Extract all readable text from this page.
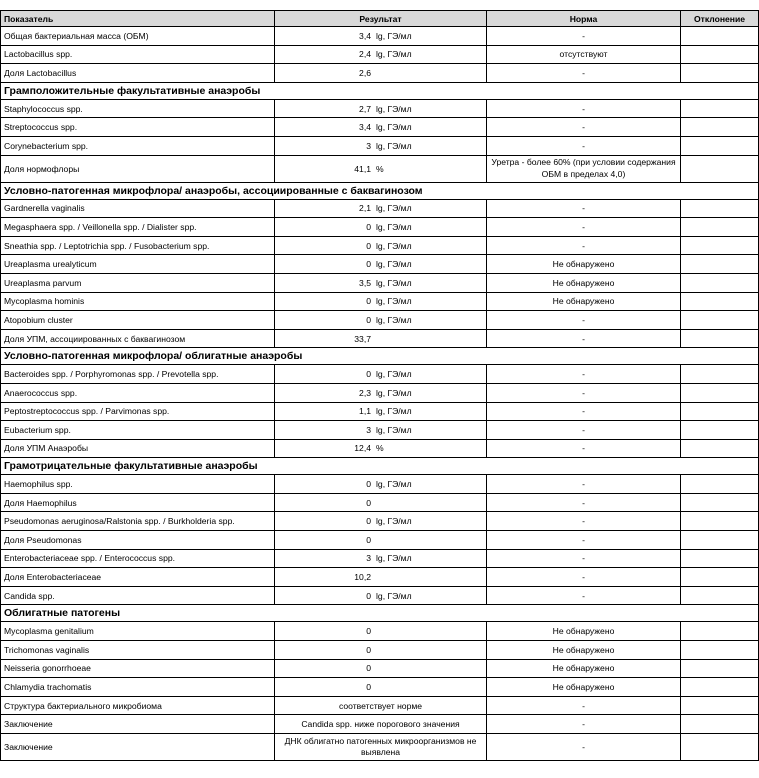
Показатель	Результат	Норма	Отклонение
Общая бактериальная масса (ОБМ)	3,4 lg, ГЭ/мл	-	
Lactobacillus spp.	2,4 lg, ГЭ/мл	отсутствуют	
Доля Lactobacillus	2,6	-	
Грамположительные факультативные анаэробы			
Staphylococcus spp.	2,7 lg, ГЭ/мл	-	
Streptococcus spp.	3,4 lg, ГЭ/мл	-	
Corynebacterium spp.	3 lg, ГЭ/мл	-	
Доля нормофлоры	41,1 %	Уретра - более 60% (при условии содержания ОБМ в пределах 4,0)	
Условно-патогенная микрофлора/ анаэробы, ассоциированные с баквагинозом			
Gardnerella vaginalis	2,1 lg, ГЭ/мл	-	
Megasphaera spp. / Veillonella spp. / Dialister spp.	0 lg, ГЭ/мл	-	
Sneathia spp. / Leptotrichia spp. / Fusobacterium spp.	0 lg, ГЭ/мл	-	
Ureaplasma urealyticum	0 lg, ГЭ/мл	Не обнаружено	
Ureaplasma parvum	3,5 lg, ГЭ/мл	Не обнаружено	
Mycoplasma hominis	0 lg, ГЭ/мл	Не обнаружено	
Atopobium cluster	0 lg, ГЭ/мл	-	
Доля УПМ, ассоциированных с баквагинозом	33,7	-	
Условно-патогенная микрофлора/ облигатные анаэробы			
Bacteroides spp. / Porphyromonas spp. / Prevotella spp.	0 lg, ГЭ/мл	-	
Anaerococcus spp.	2,3 lg, ГЭ/мл	-	
Peptostreptococcus spp. / Parvimonas spp.	1,1 lg, ГЭ/мл	-	
Eubacterium spp.	3 lg, ГЭ/мл	-	
Доля УПМ Анаэробы	12,4 %	-	
Грамотрицательные факультативные анаэробы			
Haemophilus spp.	0 lg, ГЭ/мл	-	
Доля Haemophilus	0	-	
Pseudomonas aeruginosa/Ralstonia spp. / Burkholderia spp.	0 lg, ГЭ/мл	-	
Доля Pseudomonas	0	-	
Enterobacteriaceae spp. / Enterococcus spp.	3 lg, ГЭ/мл	-	
Доля Enterobacteriaceae	10,2	-	
Candida spp.	0 lg, ГЭ/мл	-	
Облигатные патогены			
Mycoplasma genitalium	0	Не обнаружено	
Trichomonas vaginalis	0	Не обнаружено	
Neisseria gonorrhoeae	0	Не обнаружено	
Chlamydia trachomatis	0	Не обнаружено	
Структура бактериального микробиома	соответствует норме	-	
Заключение	Candida spp. ниже порогового значения	-	
Заключение	ДНК облигатно патогенных микроорганизмов не выявлена	-	
